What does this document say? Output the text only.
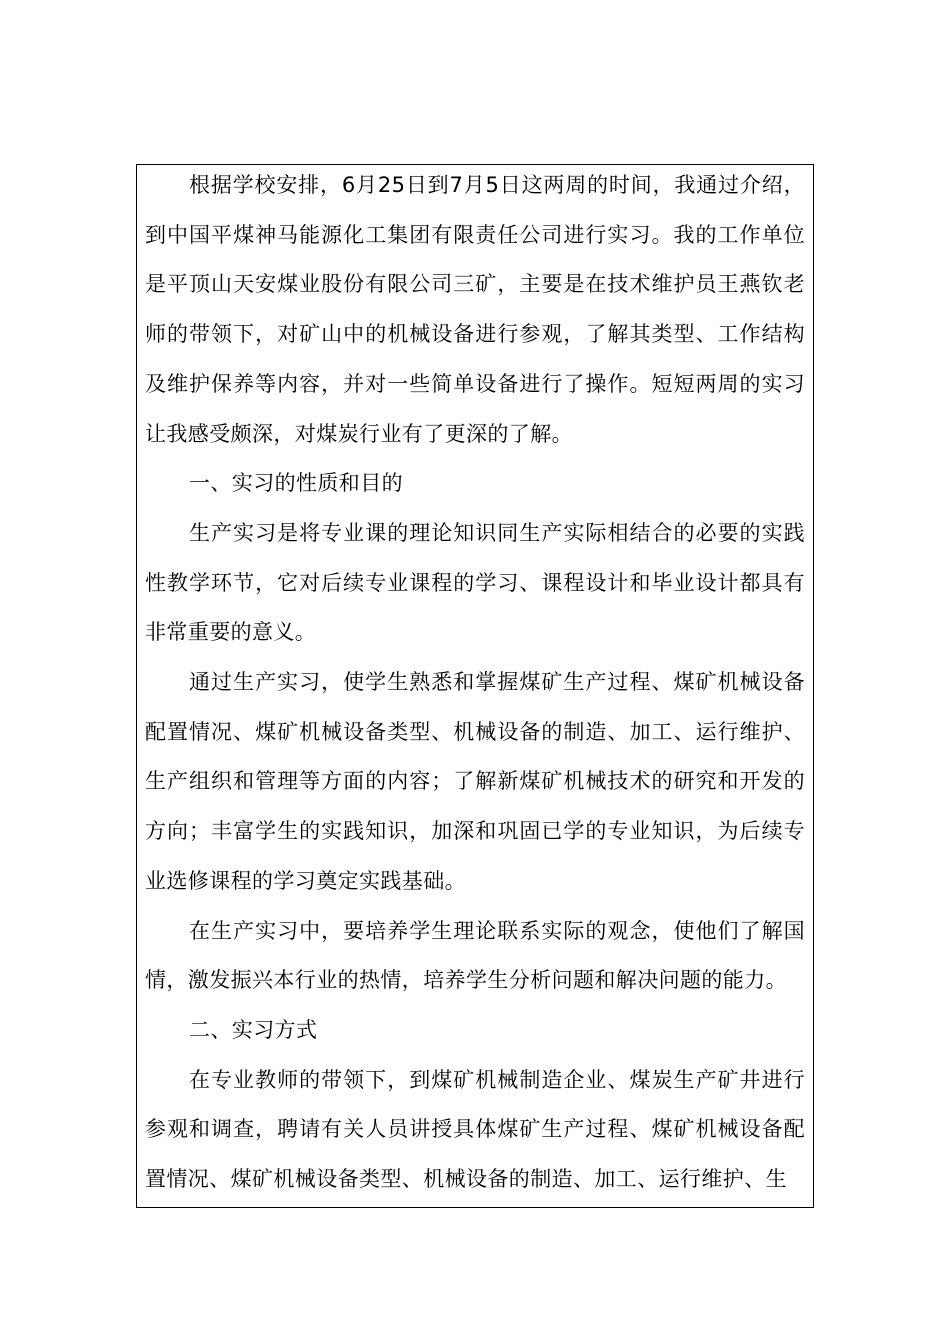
根据学校安排，6月25日到7月5日这两周的时间，我通过介绍，到中国平煤神马能源化工集团有限责任公司进行实习。我的工作单位是平顶山天安煤业股份有限公司三矿，主要是在技术维护员王燕钦老师的带领下，对矿山中的机械设备进行参观，了解其类型、工作结构及维护保养等内容，并对一些简单设备进行了操作。短短两周的实习让我感受颇深，对煤炭行业有了更深的了解。

一、实习的性质和目的

生产实习是将专业课的理论知识同生产实际相结合的必要的实践性教学环节，它对后续专业课程的学习、课程设计和毕业设计都具有非常重要的意义。

通过生产实习，使学生熟悉和掌握煤矿生产过程、煤矿机械设备配置情况、煤矿机械设备类型、机械设备的制造、加工、运行维护、生产组织和管理等方面的内容；了解新煤矿机械技术的研究和开发的方向；丰富学生的实践知识，加深和巩固已学的专业知识，为后续专业选修课程的学习奠定实践基础。

在生产实习中，要培养学生理论联系实际的观念，使他们了解国情，激发振兴本行业的热情，培养学生分析问题和解决问题的能力。

二、实习方式

在专业教师的带领下，到煤矿机械制造企业、煤炭生产矿井进行参观和调查，聘请有关人员讲授具体煤矿生产过程、煤矿机械设备配置情况、煤矿机械设备类型、机械设备的制造、加工、运行维护、生
